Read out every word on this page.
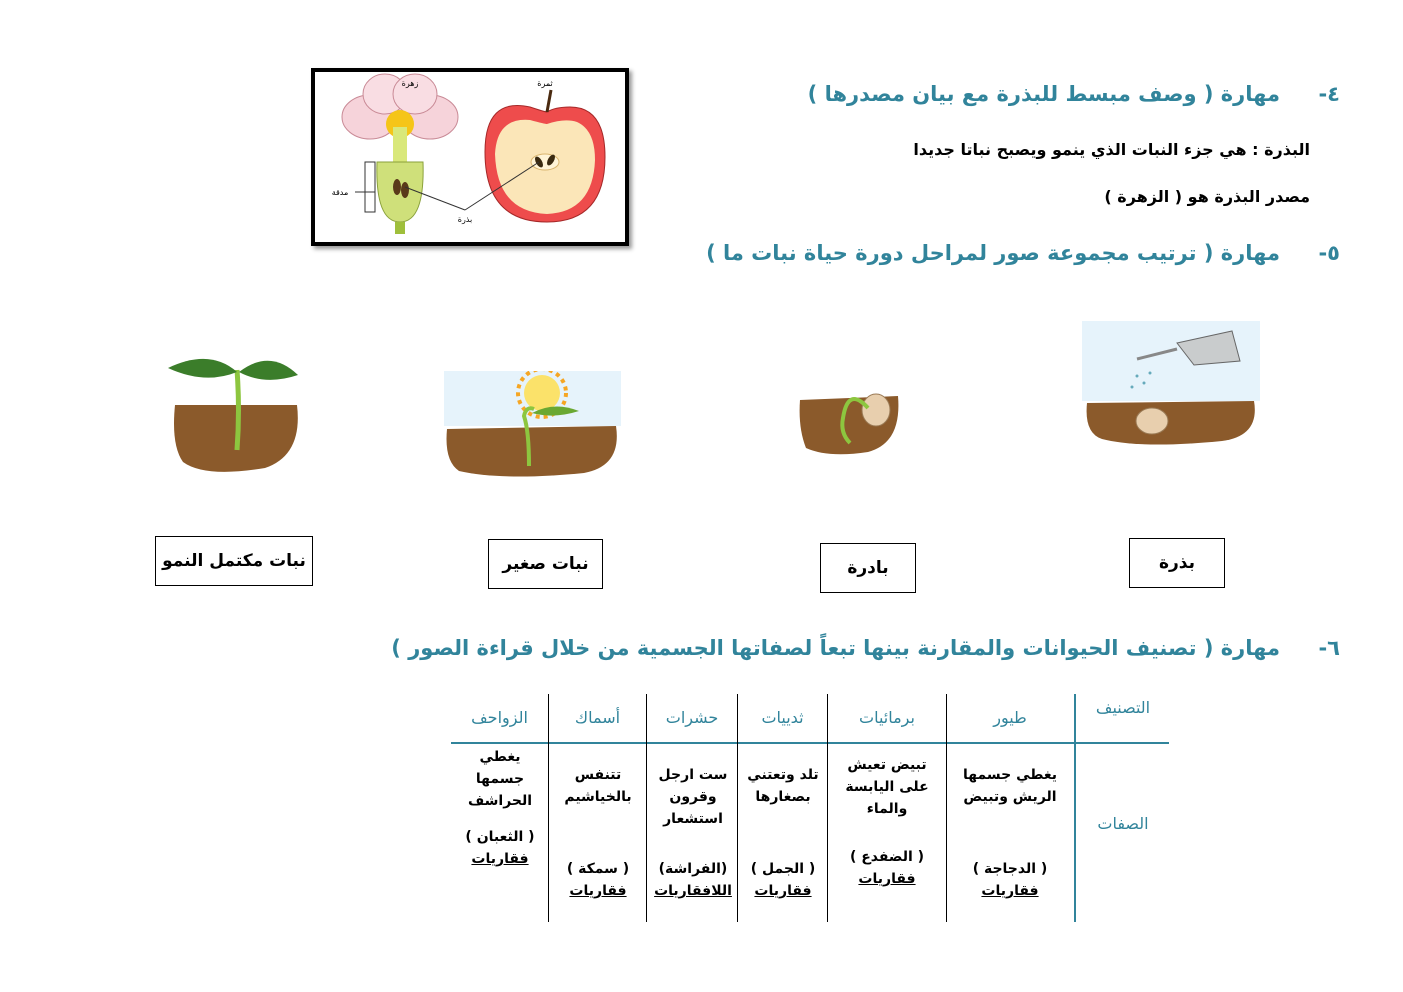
٤-
مهارة ( وصف مبسط للبذرة مع بيان مصدرها )
البذرة : هي جزء النبات الذي ينمو ويصبح نباتا جديدا
مصدر البذرة هو ( الزهرة )
زهرة	ثمرة
مدقة
بذرة
٥-
مهارة ( ترتيب مجموعة صور لمراحل دورة حياة نبات ما )
بذرة
بادرة
نبات صغير
نبات مكتمل النمو
٦-
مهارة ( تصنيف الحيوانات والمقارنة بينها تبعاً لصفاتها الجسمية من خلال قراءة الصور )
التصنيف
الصفات
طيور
برمائيات
ثدييات
حشرات
أسماك
الزواحف
يغطي جسمها الريش وتبيض
( الدجاجة )
فقاريات
تبيض تعيش على اليابسة والماء
( الضفدع )
فقاريات
تلد وتعتني بصغارها
( الجمل )
فقاريات
ست ارجل وقرون استشعار
(الفراشة)
اللافقاريات
تتنفس بالخياشيم
( سمكة )
فقاريات
يغطي جسمها الحراشف
( الثعبان )
فقاريات
